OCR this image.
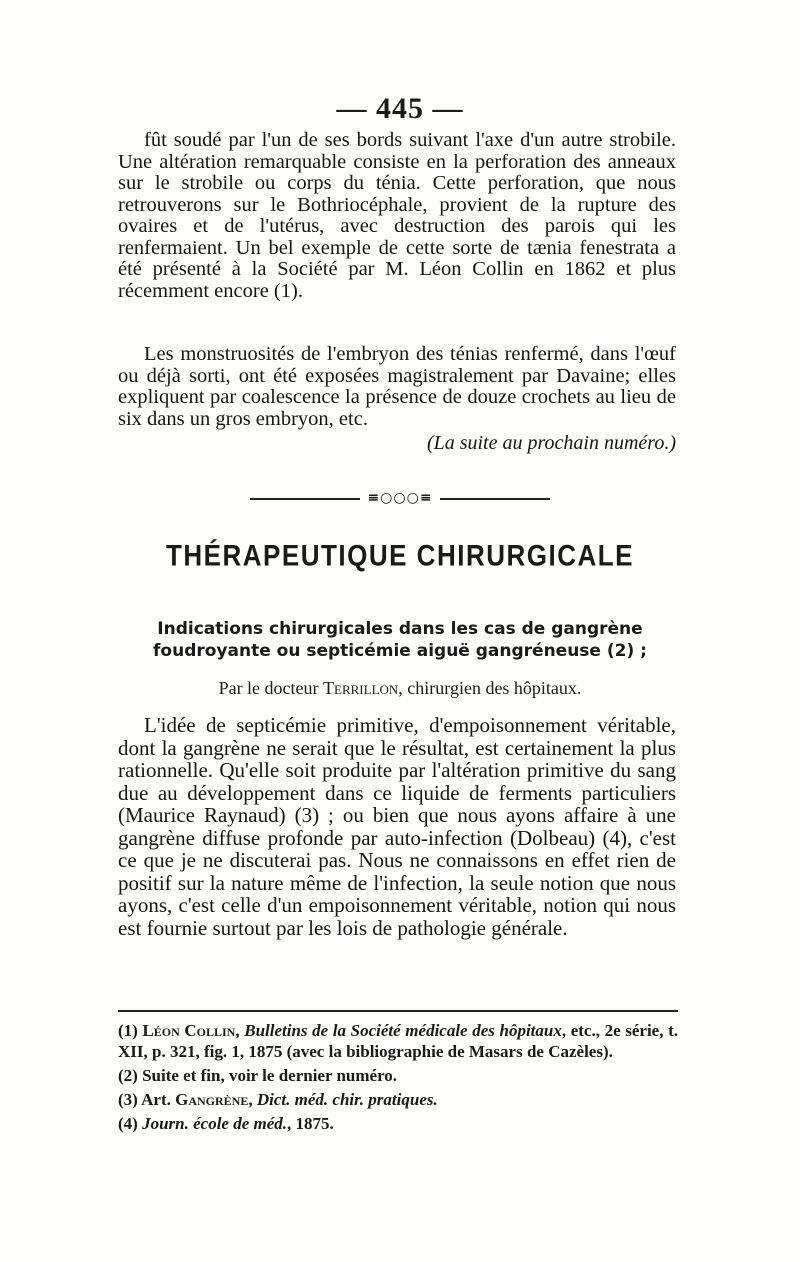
— 445 —

fût soudé par l'un de ses bords suivant l'axe d'un autre strobile. Une altération remarquable consiste en la perforation des anneaux sur le strobile ou corps du ténia. Cette perforation, que nous retrouverons sur le Bothriocéphale, provient de la rupture des ovaires et de l'utérus, avec destruction des parois qui les renfermaient. Un bel exemple de cette sorte de tænia fenestrata a été présenté à la Société par M. Léon Collin en 1862 et plus récemment encore (1).

Les monstruosités de l'embryon des ténias renfermé, dans l'œuf ou déjà sorti, ont été exposées magistralement par Davaine; elles expliquent par coalescence la présence de douze crochets au lieu de six dans un gros embryon, etc.

(La suite au prochain numéro.)
≡○○○≡
THÉRAPEUTIQUE CHIRURGICALE
Indications chirurgicales dans les cas de gangrène
foudroyante ou septicémie aiguë gangréneuse (2) ;
Par le docteur Terrillon, chirurgien des hôpitaux.

L'idée de septicémie primitive, d'empoisonnement véritable, dont la gangrène ne serait que le résultat, est certainement la plus rationnelle. Qu'elle soit produite par l'altération primitive du sang due au développement dans ce liquide de ferments particuliers (Maurice Raynaud) (3) ; ou bien que nous ayons affaire à une gangrène diffuse profonde par auto-infection (Dolbeau) (4), c'est ce que je ne discuterai pas. Nous ne connaissons en effet rien de positif sur la nature même de l'infection, la seule notion que nous ayons, c'est celle d'un empoisonnement véritable, notion qui nous est fournie surtout par les lois de pathologie générale.

(1) Léon Collin, Bulletins de la Société médicale des hôpitaux, etc., 2e série, t. XII, p. 321, fig. 1, 1875 (avec la bibliographie de Masars de Cazèles).

(2) Suite et fin, voir le dernier numéro.

(3) Art. Gangrène, Dict. méd. chir. pratiques.

(4) Journ. école de méd., 1875.
